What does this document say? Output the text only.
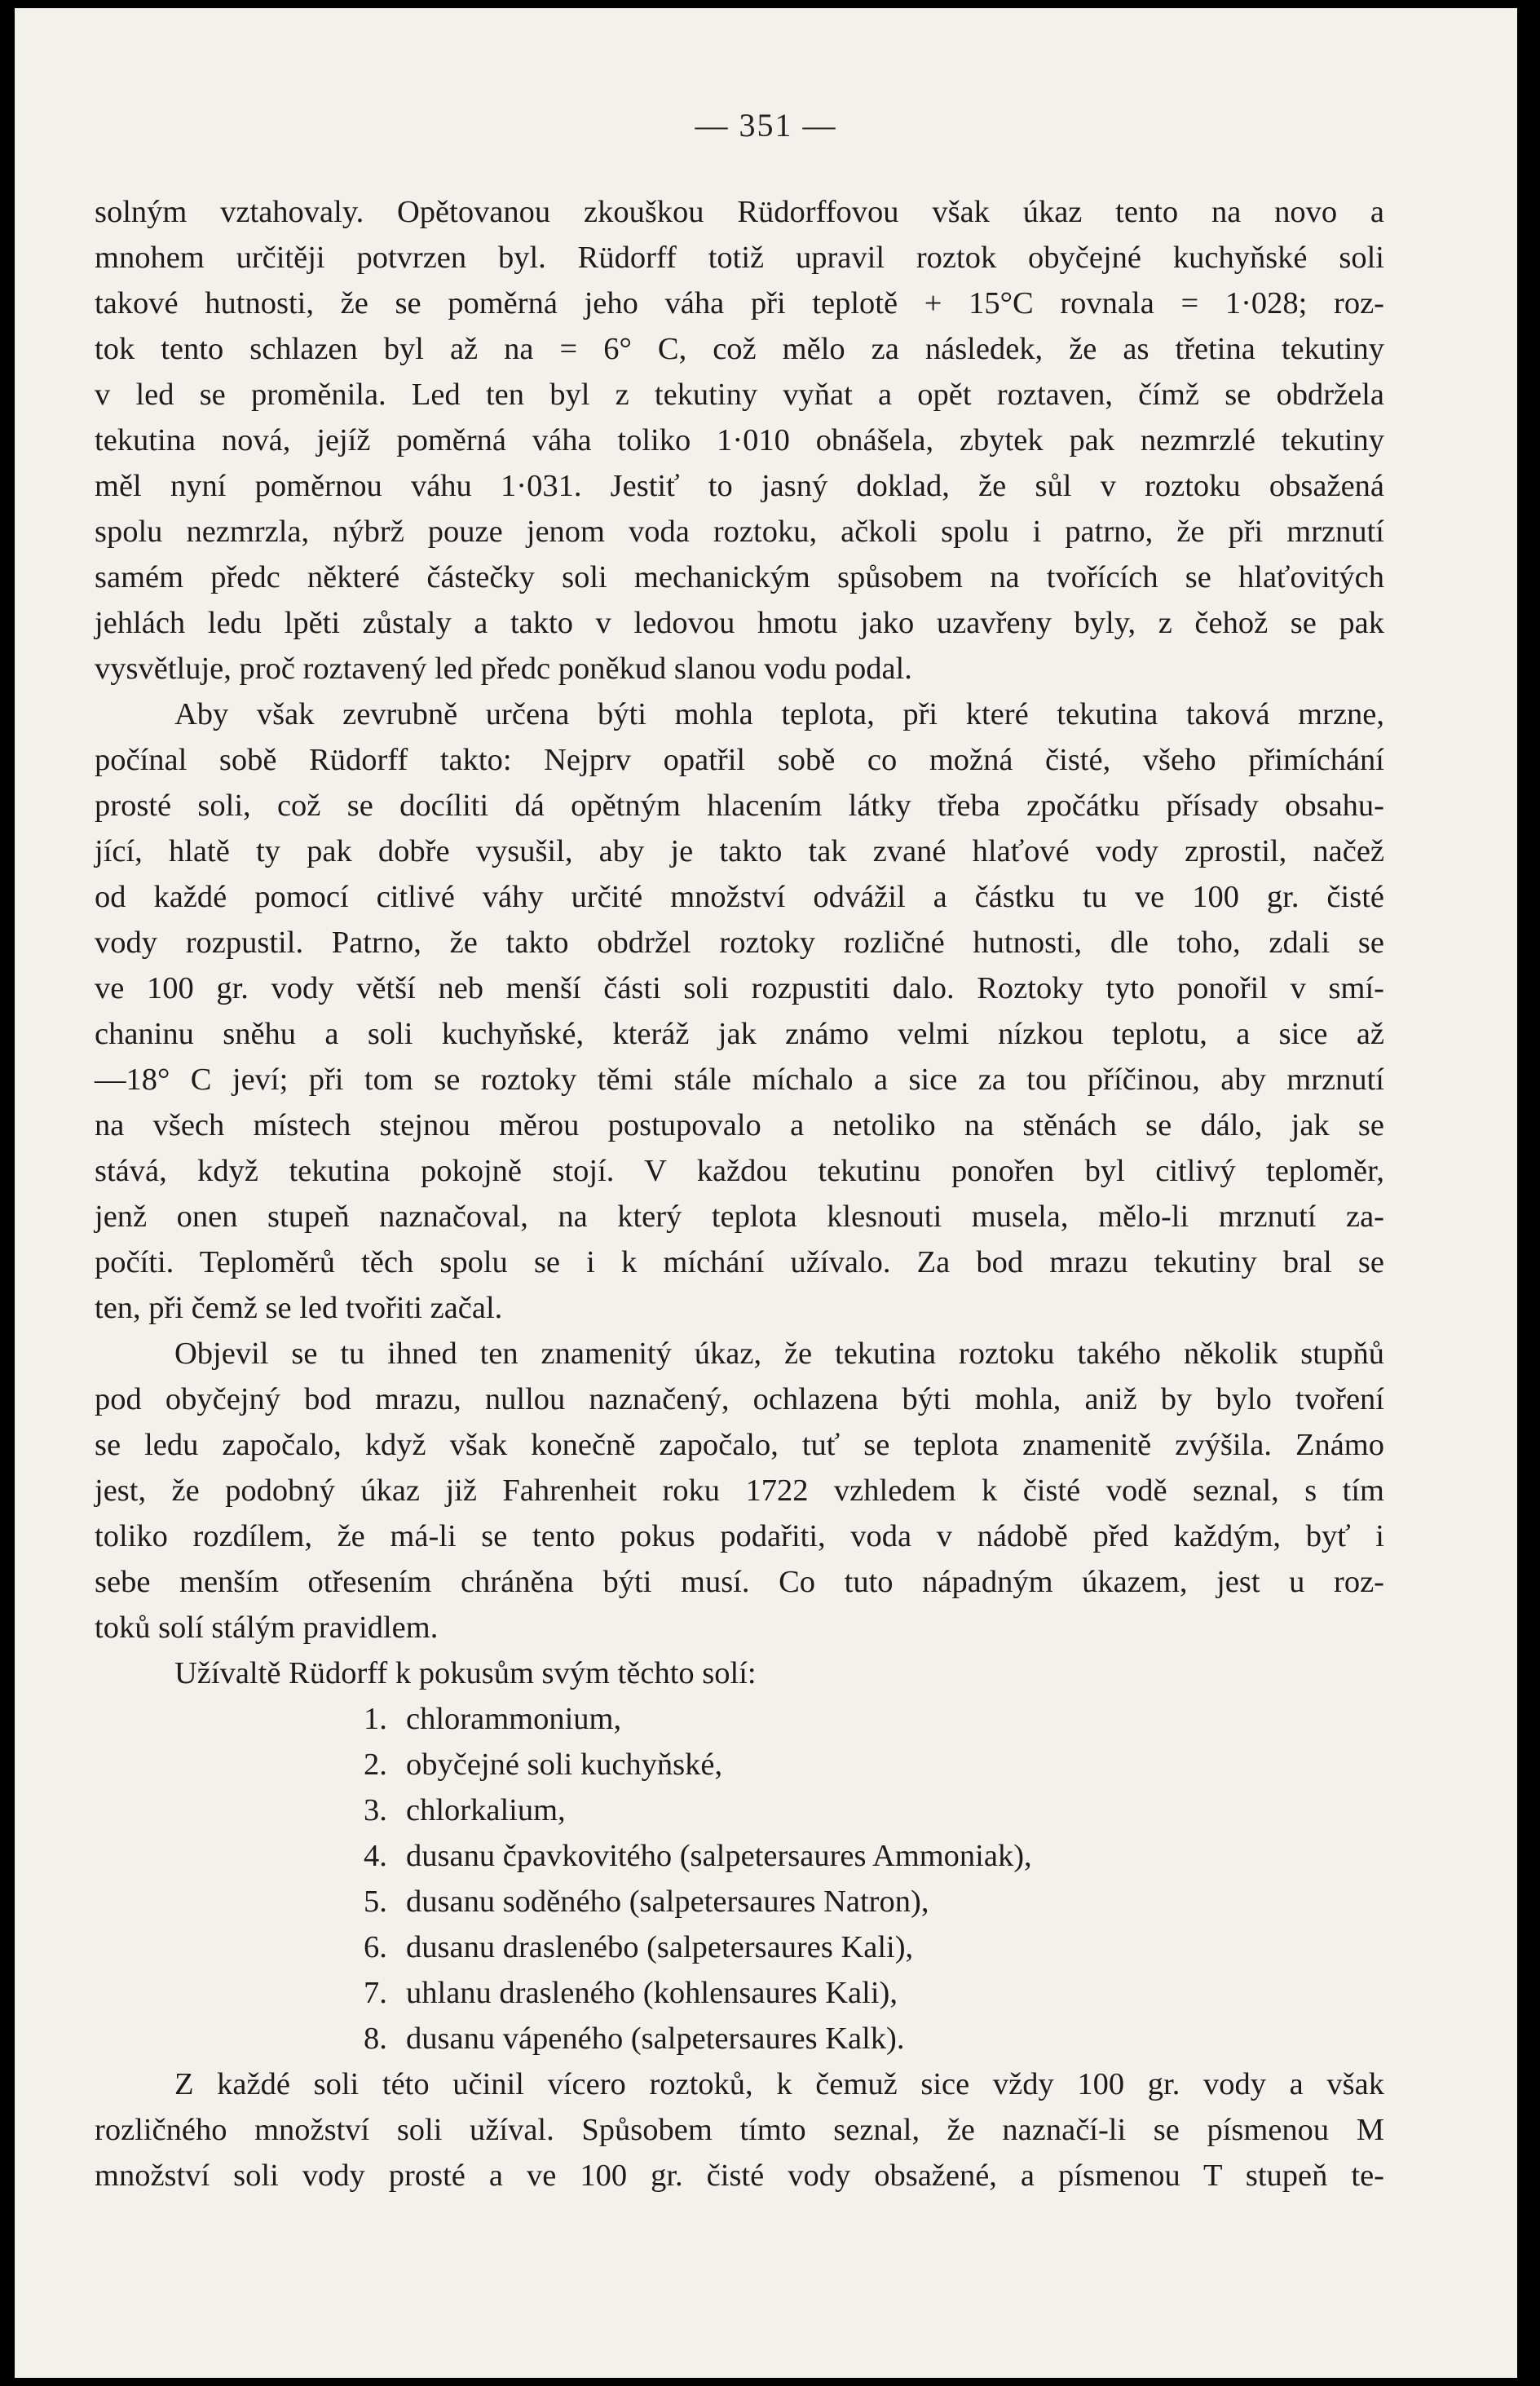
— 351 —
solným vztahovaly. Opětovanou zkouškou Rüdorffovou však úkaz tento na novo a
mnohem určitěji potvrzen byl. Rüdorff totiž upravil roztok obyčejné kuchyňské soli
takové hutnosti, že se poměrná jeho váha při teplotě + 15°C rovnala = 1·028; roz-
tok tento schlazen byl až na = 6° C, což mělo za následek, že as třetina tekutiny
v led se proměnila. Led ten byl z tekutiny vyňat a opět roztaven, čímž se obdržela
tekutina nová, jejíž poměrná váha toliko 1·010 obnášela, zbytek pak nezmrzlé tekutiny
měl nyní poměrnou váhu 1·031. Jestiť to jasný doklad, že sůl v roztoku obsažená
spolu nezmrzla, nýbrž pouze jenom voda roztoku, ačkoli spolu i patrno, že při mrznutí
samém předc některé částečky soli mechanickým spůsobem na tvořících se hlaťovitých
jehlách ledu lpěti zůstaly a takto v ledovou hmotu jako uzavřeny byly, z čehož se pak
vysvětluje, proč roztavený led předc poněkud slanou vodu podal.
Aby však zevrubně určena býti mohla teplota, při které tekutina taková mrzne,
počínal sobě Rüdorff takto: Nejprv opatřil sobě co možná čisté, všeho přimíchání
prosté soli, což se docíliti dá opětným hlacením látky třeba zpočátku přísady obsahu-
jící, hlatě ty pak dobře vysušil, aby je takto tak zvané hlaťové vody zprostil, načež
od každé pomocí citlivé váhy určité množství odvážil a částku tu ve 100 gr. čisté
vody rozpustil. Patrno, že takto obdržel roztoky rozličné hutnosti, dle toho, zdali se
ve 100 gr. vody větší neb menší části soli rozpustiti dalo. Roztoky tyto ponořil v smí-
chaninu sněhu a soli kuchyňské, kteráž jak známo velmi nízkou teplotu, a sice až
—18° C jeví; při tom se roztoky těmi stále míchalo a sice za tou příčinou, aby mrznutí
na všech místech stejnou měrou postupovalo a netoliko na stěnách se dálo, jak se
stává, když tekutina pokojně stojí. V každou tekutinu ponořen byl citlivý teploměr,
jenž onen stupeň naznačoval, na který teplota klesnouti musela, mělo-li mrznutí za-
počíti. Teploměrů těch spolu se i k míchání užívalo. Za bod mrazu tekutiny bral se
ten, při čemž se led tvořiti začal.
Objevil se tu ihned ten znamenitý úkaz, že tekutina roztoku takého několik stupňů
pod obyčejný bod mrazu, nullou naznačený, ochlazena býti mohla, aniž by bylo tvoření
se ledu započalo, když však konečně započalo, tuť se teplota znamenitě zvýšila. Známo
jest, že podobný úkaz již Fahrenheit roku 1722 vzhledem k čisté vodě seznal, s tím
toliko rozdílem, že má-li se tento pokus podařiti, voda v nádobě před každým, byť i
sebe menším otřesením chráněna býti musí. Co tuto nápadným úkazem, jest u roz-
toků solí stálým pravidlem.
Užívaltě Rüdorff k pokusům svým těchto solí:
1. chlorammonium,
2. obyčejné soli kuchyňské,
3. chlorkalium,
4. dusanu čpavkovitého (salpetersaures Ammoniak),
5. dusanu soděného (salpetersaures Natron),
6. dusanu draslenébo (salpetersaures Kali),
7. uhlanu drasleného (kohlensaures Kali),
8. dusanu vápeného (salpetersaures Kalk).
Z každé soli této učinil vícero roztoků, k čemuž sice vždy 100 gr. vody a však
rozličného množství soli užíval. Spůsobem tímto seznal, že naznačí-li se písmenou M
množství soli vody prosté a ve 100 gr. čisté vody obsažené, a písmenou T stupeň te-
